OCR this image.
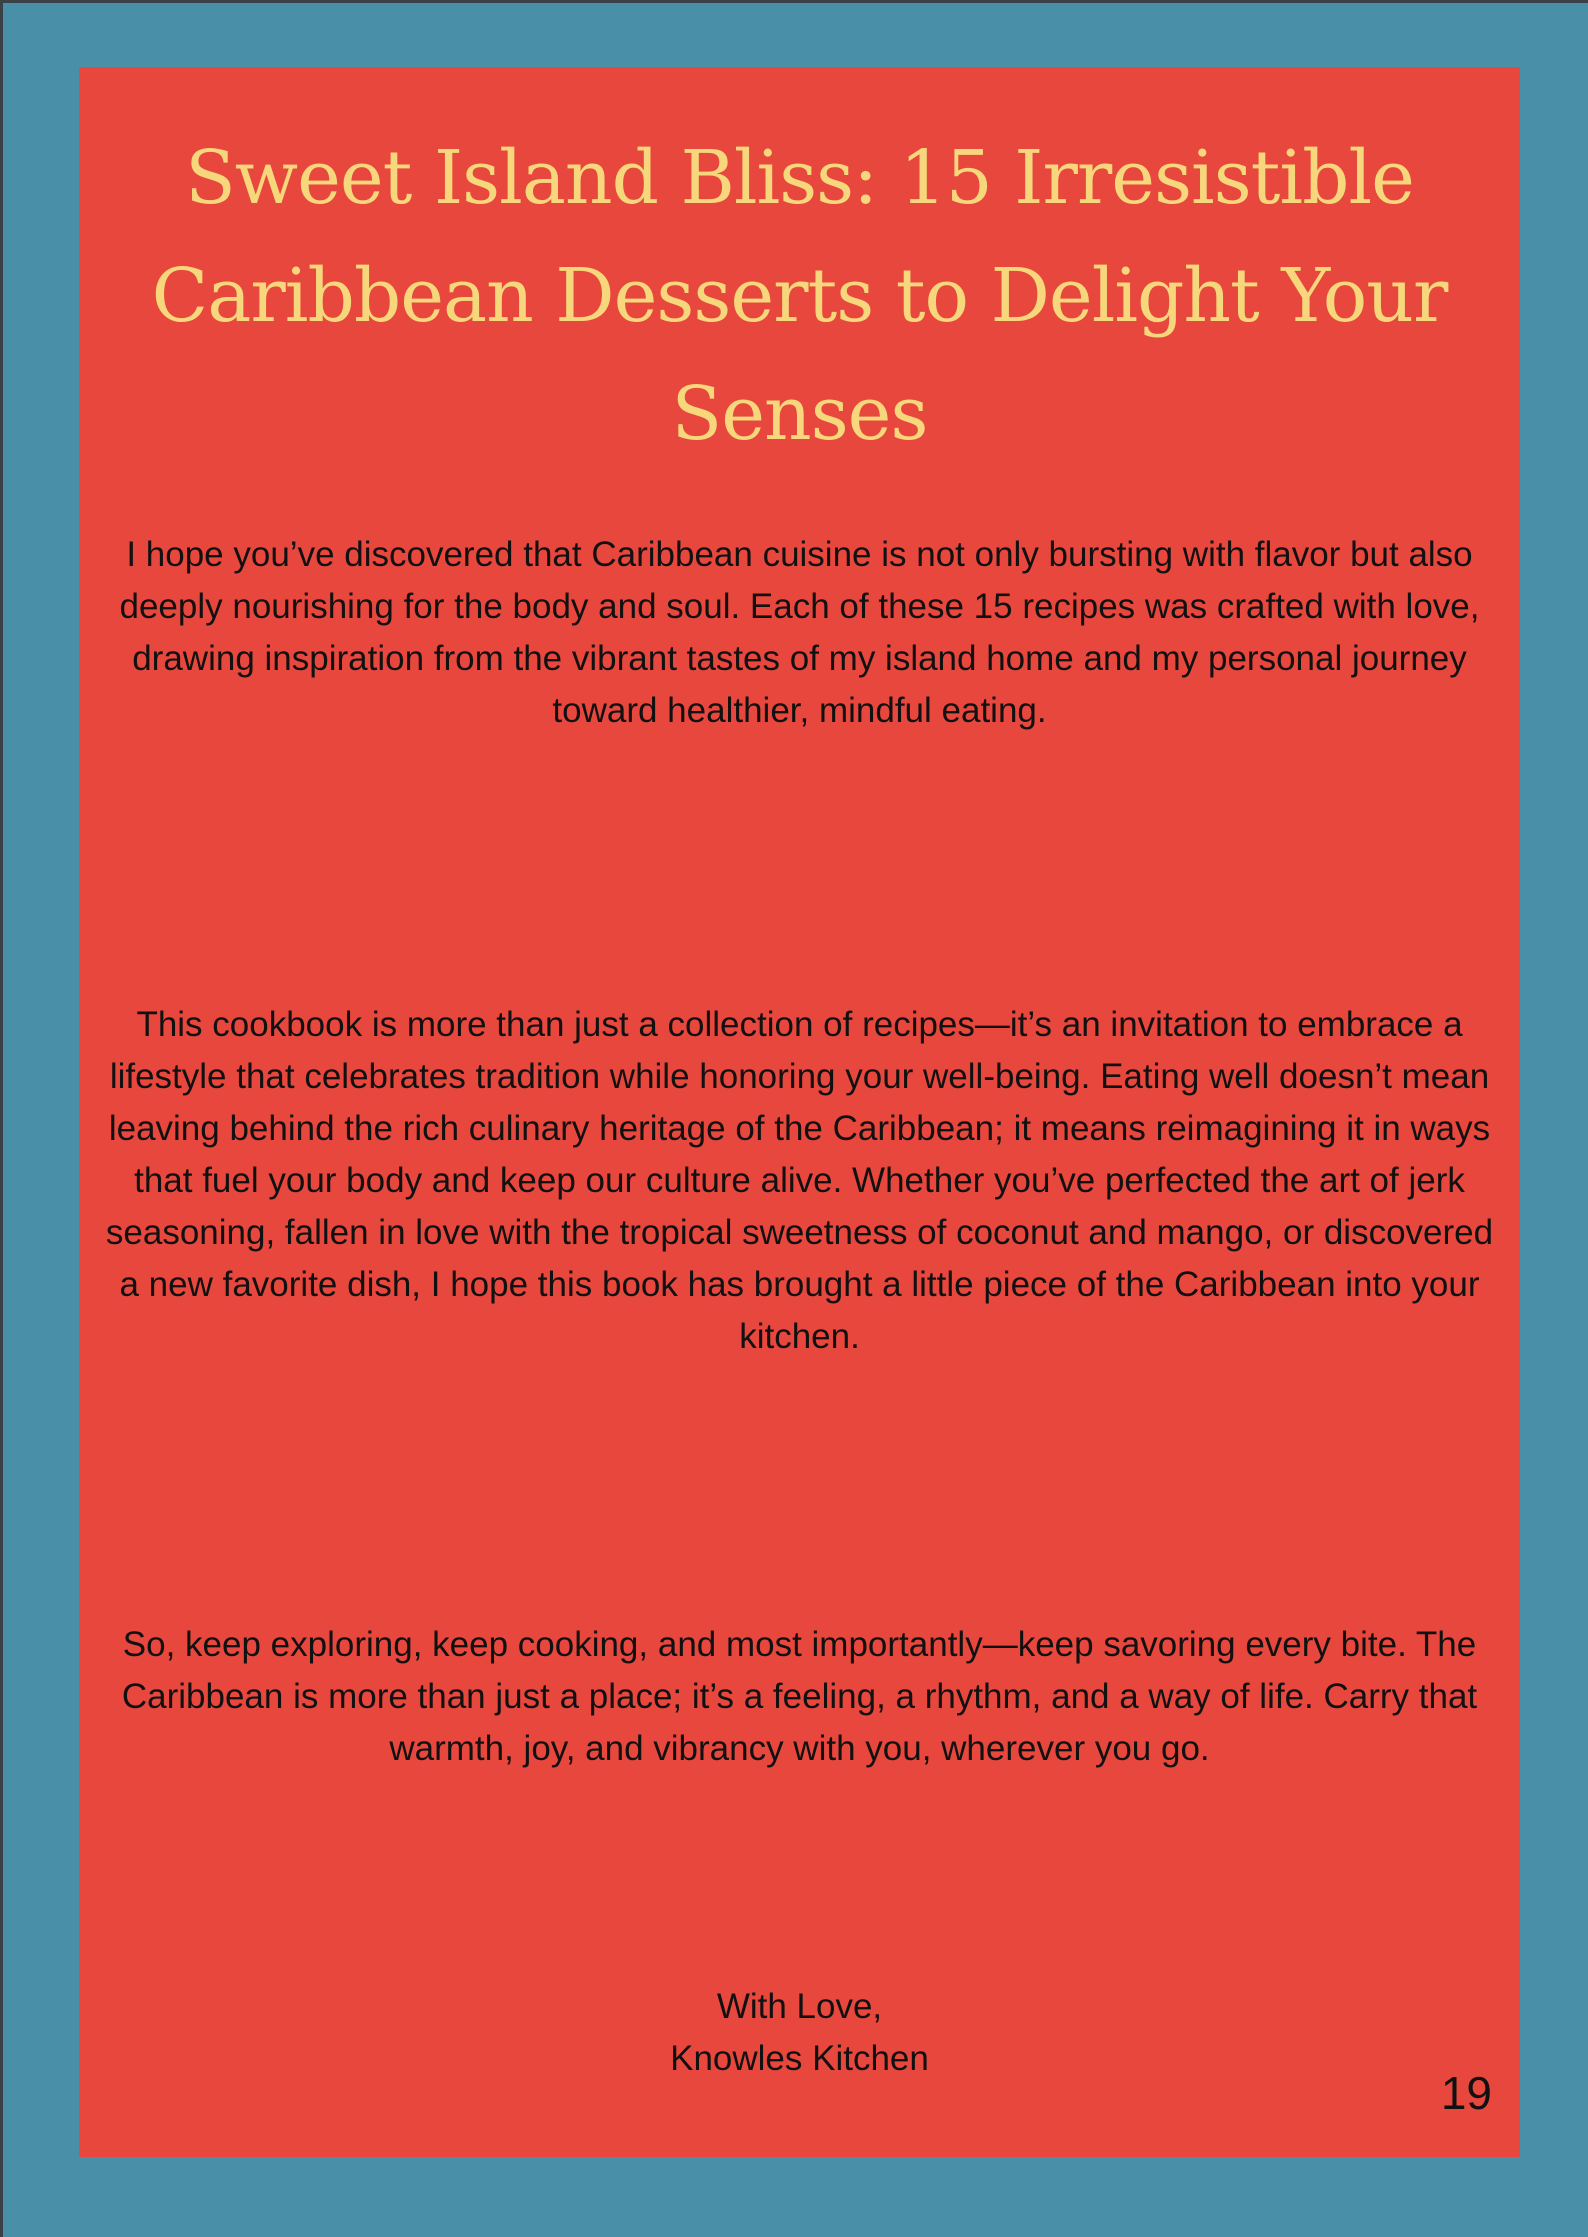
Sweet Island Bliss: 15 Irresistible Caribbean Desserts to Delight Your Senses

I hope you’ve discovered that Caribbean cuisine is not only bursting with flavor but also deeply nourishing for the body and soul. Each of these 15 recipes was crafted with love, drawing inspiration from the vibrant tastes of my island home and my personal journey toward healthier, mindful eating.

This cookbook is more than just a collection of recipes—it’s an invitation to embrace a lifestyle that celebrates tradition while honoring your well-being. Eating well doesn’t mean leaving behind the rich culinary heritage of the Caribbean; it means reimagining it in ways that fuel your body and keep our culture alive. Whether you’ve perfected the art of jerk seasoning, fallen in love with the tropical sweetness of coconut and mango, or discovered a new favorite dish, I hope this book has brought a little piece of the Caribbean into your kitchen.

So, keep exploring, keep cooking, and most importantly—keep savoring every bite. The Caribbean is more than just a place; it’s a feeling, a rhythm, and a way of life. Carry that warmth, joy, and vibrancy with you, wherever you go.

With Love,
Knowles Kitchen
19
